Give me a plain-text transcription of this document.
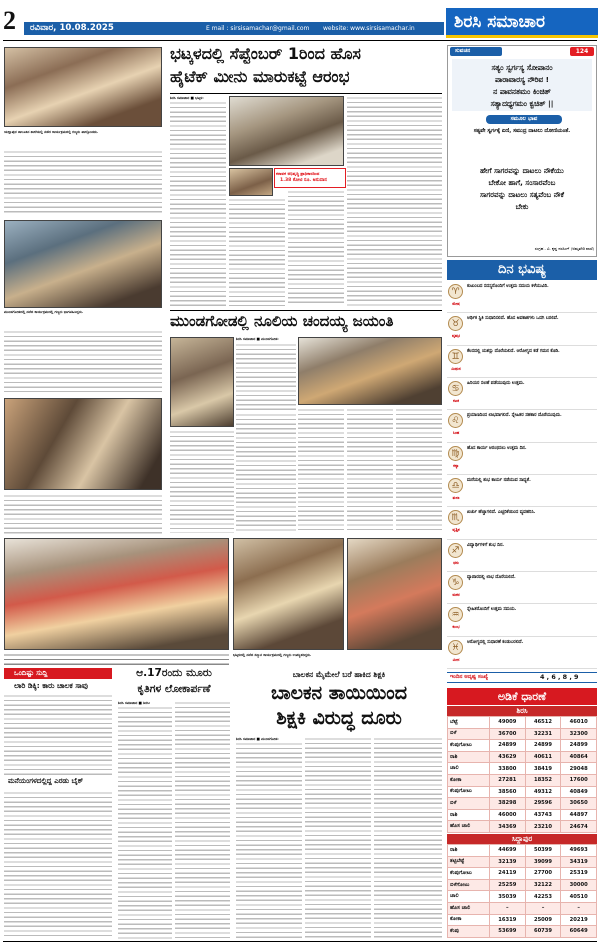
2	ರವಿವಾರ, 10.08.2025	E mail : sirsisamachar@gmail.com website: www.sirsisamachar.in ಶಿರಸಿ ಸಮಾಚಾರ
ಯಲ್ಲಾಪುರ ತಾಲೂಕಿನ ಶಾಲೆಯಲ್ಲಿ ನಡೆದ ಕಾರ್ಯಕ್ರಮದಲ್ಲಿ ಗಣ್ಯರು ಪಾಲ್ಗೊಂಡರು.
ಮುಂಡಗೋಡದಲ್ಲಿ ನಡೆದ ಕಾರ್ಯಕ್ರಮದಲ್ಲಿ ಗಣ್ಯರು ಭಾಗವಹಿಸಿದ್ದರು.
ಭಟ್ಕಳದಲ್ಲಿ ಸೆಪ್ಟೆಂಬರ್ 1ರಿಂದ ಹೊಸ
ಹೈಟೆಕ್ ಮೀನು ಮಾರುಕಟ್ಟೆ ಆರಂಭ
ಶಿರಸಿ ಸಮಾಚಾರ ■ ಭಟ್ಕಳ:
ಕರಾವಳಿ ಅಭಿವೃದ್ಧಿ ಪ್ರಾಧಿಕಾರದಿಂದ
1.38 ಕೋಟಿ ರೂ. ಅನುದಾನ
ಮುಂಡಗೋಡಲ್ಲಿ ನೂಲಿಯ ಚಂದಯ್ಯ ಜಯಂತಿ
ಶಿರಸಿ ಸಮಾಚಾರ ■ ಮುಂಡಗೋಡ:
ಭಟ್ಕಳದಲ್ಲಿ ನಡೆದ ಸನ್ಮಾನ ಕಾರ್ಯಕ್ರಮದಲ್ಲಿ ಗಣ್ಯರು ಉಪಸ್ಥಿತರಿದ್ದರು.
ಒಂದಿಷ್ಟು ಸುದ್ದಿ
ಲಾರಿ ಡಿಕ್ಕಿ: ಕಾರು ಚಾಲಕ ಸಾವು
ಮನೆಯಂಗಳದಲ್ಲಿದ್ದ ಎರಡು ಬೈಕ್
ಆ.17ರಂದು ಮೂರು
ಕೃತಿಗಳ ಲೋಕಾರ್ಪಣೆ
ಶಿರಸಿ ಸಮಾಚಾರ ■ ಶಿರಸಿ:
ಬಾಲಕನ ಮೈಮೇಲೆ ಬರೆ ಹಾಕಿದ ಶಿಕ್ಷಕಿ
ಬಾಲಕನ ತಾಯಿಯಿಂದ
ಶಿಕ್ಷಕಿ ವಿರುದ್ಧ ದೂರು
ಶಿರಸಿ ಸಮಾಚಾರ ■ ಮುಂಡಗೋಡ:
ಸುವಚನ	124
ಸತ್ಯಂ ಸ್ವರ್ಗಸ್ಯ ಸೋಪಾನಂ
ಪಾರಾವಾರಸ್ಯ ನೌರಿವ !
ನ ಪಾವನತಮಂ ಕಿಂಚಿತ್
ಸತ್ಯಾದಧ್ಯಗಮಂ ಕ್ವಚಿತ್ ||
ಸಮೂಲ ಭಾವ
ಸತ್ಯವೇ ಸ್ವರ್ಗಕ್ಕೆ ಏಣಿ, ಸಮುದ್ರ ದಾಟಲು ದೋಣಿಯಂತೆ.
ಹೇಗೆ ಸಾಗರವನ್ನು ದಾಟಲು ನೌಕೆಯು
ಬೇಕೋ ಹಾಗೆ, ಸಂಸಾರವೆಂಬ
ಸಾಗರವನ್ನು ದಾಟಲು ಸತ್ಯವೆಂಬ ನೌಕೆ
ಬೇಕು
ಸಂಗ್ರಹ - ವಿ. ಕೃಷ್ಣ ನರಸಿಂಗ್ (ಅಮೃತಗಿರಿ ವಾಣಿ)
ದಿನ ಭವಿಷ್ಯ
♈
ಮೇಷ
ಕುಟುಂಬದ ಸದಸ್ಯರೊಂದಿಗೆ ಉತ್ತಮ ಸಮಯ ಕಳೆಯುವಿರಿ.
♉
ವೃಷಭ
ಆರ್ಥಿಕ ಸ್ಥಿತಿ ಸುಧಾರಿಸಲಿದೆ. ಹೊಸ ಅವಕಾಶಗಳು ಒದಗಿ ಬರಲಿವೆ.
♊
ಮಿಥುನ
ಕೆಲಸದಲ್ಲಿ ಯಶಸ್ಸು ದೊರೆಯಲಿದೆ. ಆರೋಗ್ಯದ ಕಡೆ ಗಮನ ಕೊಡಿ.
♋
ಕಟಕ
ಹಿರಿಯರ ಸಲಹೆ ಪಡೆಯುವುದು ಉತ್ತಮ.
♌
ಸಿಂಹ
ಪ್ರಯಾಣದಿಂದ ಲಾಭವಾಗಲಿದೆ. ಸ್ನೇಹಿತರ ಸಹಕಾರ ದೊರೆಯುವುದು.
♍
ಕನ್ಯಾ
ಹೊಸ ಕಾರ್ಯ ಆರಂಭಿಸಲು ಉತ್ತಮ ದಿನ.
♎
ತುಲಾ
ಮನೆಯಲ್ಲಿ ಶುಭ ಕಾರ್ಯ ನಡೆಯುವ ಸಾಧ್ಯತೆ.
♏
ವೃಶ್ಚಿಕ
ಖರ್ಚು ಹೆಚ್ಚಾಗಲಿದೆ. ಎಚ್ಚರಿಕೆಯಿಂದ ವ್ಯವಹರಿಸಿ.
♐
ಧನು
ವಿದ್ಯಾರ್ಥಿಗಳಿಗೆ ಶುಭ ದಿನ.
♑
ಮಕರ
ವ್ಯಾಪಾರದಲ್ಲಿ ಲಾಭ ದೊರೆಯಲಿದೆ.
♒
ಕುಂಭ
ಸ್ನೇಹಿತರೊಂದಿಗೆ ಉತ್ತಮ ಸಮಯ.
♓
ಮೀನ
ಆರೋಗ್ಯದಲ್ಲಿ ಸುಧಾರಣೆ ಕಂಡುಬರಲಿದೆ.
ಇಂದಿನ ಅದೃಷ್ಟ ಸಂಖ್ಯೆ	4 , 6 , 8 , 9
ಅಡಿಕೆ ಧಾರಣೆ
ಶಿರಸಿ
ಬೆಟ್ಟೆ	49009	46512	46010
ಬಿಳೆ	36700	32231	32300
ಕೆಂಪುಗೋಟು	24899	24899	24899
ರಾಶಿ	43629	40611	40864
ಚಾಲಿ	33800	38419	29048
ಕೋಕಾ	27281	18352	17600
ಕೆಂಪುಗೋಟು	38560	49312	40849
ಬಿಳೆ	38298	29596	30650
ರಾಶಿ	46000	43743	44897
ಹೊಸ ಚಾಲಿ	34369	23210	24674
ಸಿದ್ದಾಪುರ
ರಾಶಿ	44699	50399	49693
ತಟ್ಟಿಬೆಟ್ಟೆ	32139	39099	34319
ಕೆಂಪುಗೋಟು	24119	27700	25319
ಬಿಳೆಗೋಟು	25259	32122	30000
ಚಾಲಿ	35039	42253	40510
ಹೊಸ ಚಾಲಿ	–	–	–
ಕೋಕಾ	16319	25009	20219
ಕೆಂಪು	53699	60739	60649
